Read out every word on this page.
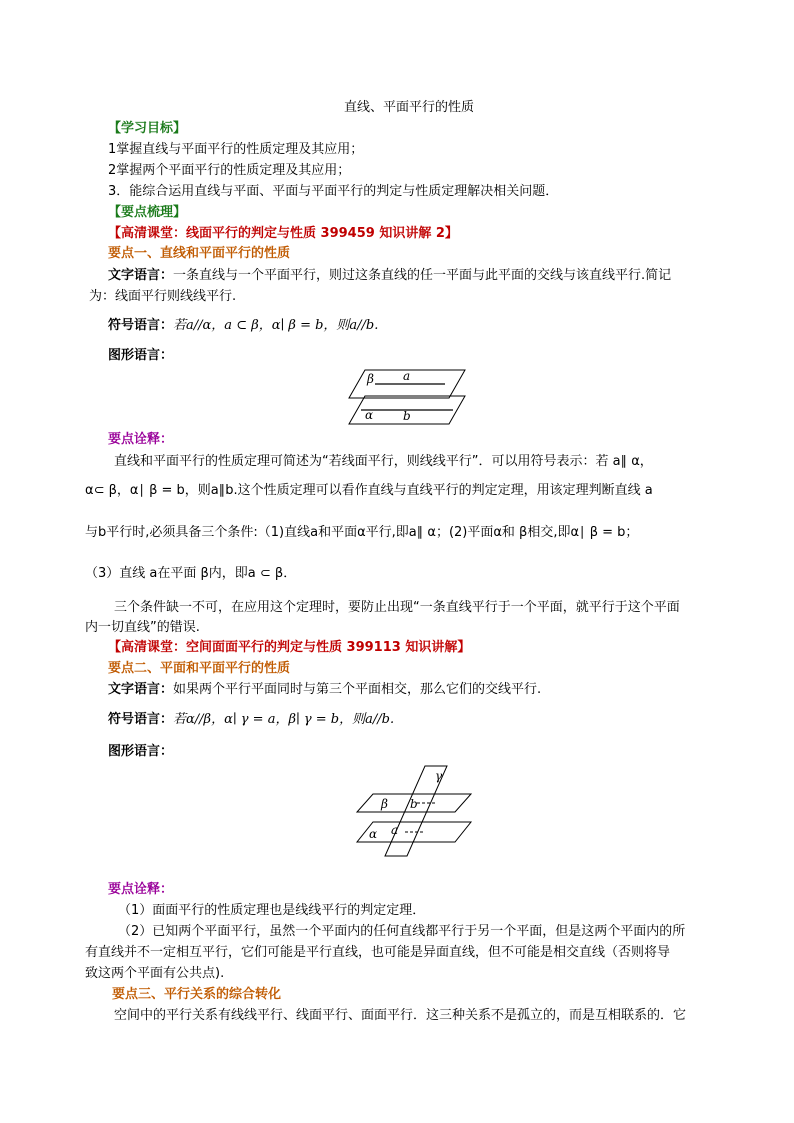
直线、平面平行的性质
【学习目标】
1掌握直线与平面平行的性质定理及其应用；
2掌握两个平面平行的性质定理及其应用；
3．能综合运用直线与平面、平面与平面平行的判定与性质定理解决相关问题．
【要点梳理】
【高清课堂：线面平行的判定与性质 399459 知识讲解 2】
要点一、直线和平面平行的性质
文字语言：一条直线与一个平面平行，则过这条直线的任一平面与此平面的交线与该直线平行.简记
为：线面平行则线线平行.
符号语言：若a//α，a ⊂ β，α∣ β = b，则a//b.
图形语言：
β a
α b
要点诠释：
直线和平面平行的性质定理可简述为“若线面平行，则线线平行”．可以用符号表示：若 a∥ α，
α⊂ β，α∣ β = b，则a∥b.这个性质定理可以看作直线与直线平行的判定定理，用该定理判断直线 a
与b平行时,必须具备三个条件:（1)直线a和平面α平行,即a∥ α；(2)平面α和 β相交,即α∣ β = b；
（3）直线 a在平面 β内，即a ⊂ β．
三个条件缺一不可，在应用这个定理时，要防止出现“一条直线平行于一个平面，就平行于这个平面
内一切直线”的错误.
【高清课堂：空间面面平行的判定与性质 399113 知识讲解】
要点二、平面和平面平行的性质
文字语言：如果两个平行平面同时与第三个平面相交，那么它们的交线平行.
符号语言：若α//β，α∣ γ = a，β∣ γ = b，则a//b.
图形语言：
γ
β b
α a
要点诠释：
（1）面面平行的性质定理也是线线平行的判定定理．
（2）已知两个平面平行，虽然一个平面内的任何直线都平行于另一个平面，但是这两个平面内的所
有直线并不一定相互平行，它们可能是平行直线，也可能是异面直线，但不可能是相交直线（否则将导
致这两个平面有公共点).
要点三、平行关系的综合转化
空间中的平行关系有线线平行、线面平行、面面平行．这三种关系不是孤立的，而是互相联系的．它
